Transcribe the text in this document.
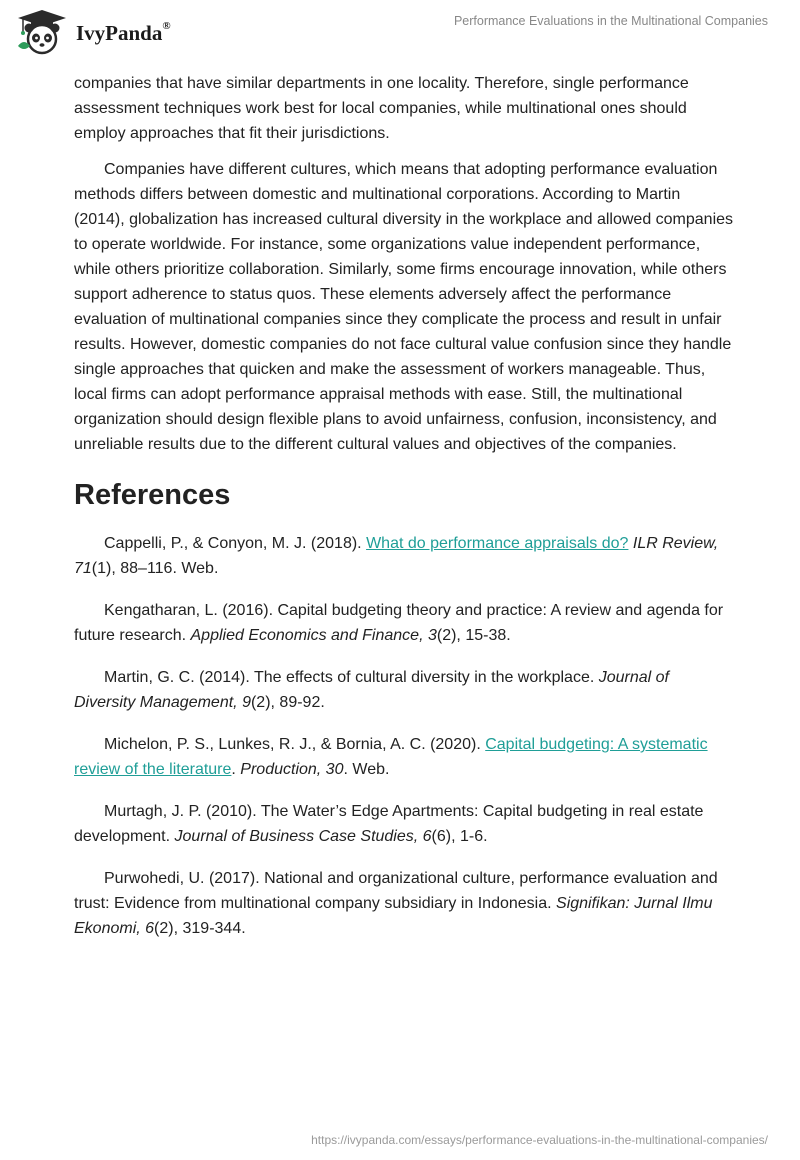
IvyPanda®	Performance Evaluations in the Multinational Companies

companies that have similar departments in one locality. Therefore, single performance assessment techniques work best for local companies, while multinational ones should employ approaches that fit their jurisdictions.

Companies have different cultures, which means that adopting performance evaluation methods differs between domestic and multinational corporations. According to Martin (2014), globalization has increased cultural diversity in the workplace and allowed companies to operate worldwide. For instance, some organizations value independent performance, while others prioritize collaboration. Similarly, some firms encourage innovation, while others support adherence to status quos. These elements adversely affect the performance evaluation of multinational companies since they complicate the process and result in unfair results. However, domestic companies do not face cultural value confusion since they handle single approaches that quicken and make the assessment of workers manageable. Thus, local firms can adopt performance appraisal methods with ease. Still, the multinational organization should design flexible plans to avoid unfairness, confusion, inconsistency, and unreliable results due to the different cultural values and objectives of the companies.

References

Cappelli, P., & Conyon, M. J. (2018). What do performance appraisals do? ILR Review, 71(1), 88–116. Web.

Kengatharan, L. (2016). Capital budgeting theory and practice: A review and agenda for future research. Applied Economics and Finance, 3(2), 15-38.

Martin, G. C. (2014). The effects of cultural diversity in the workplace. Journal of Diversity Management, 9(2), 89-92.

Michelon, P. S., Lunkes, R. J., & Bornia, A. C. (2020). Capital budgeting: A systematic review of the literature. Production, 30. Web.

Murtagh, J. P. (2010). The Water’s Edge Apartments: Capital budgeting in real estate development. Journal of Business Case Studies, 6(6), 1-6.

Purwohedi, U. (2017). National and organizational culture, performance evaluation and trust: Evidence from multinational company subsidiary in Indonesia. Signifikan: Jurnal Ilmu Ekonomi, 6(2), 319-344.

https://ivypanda.com/essays/performance-evaluations-in-the-multinational-companies/
